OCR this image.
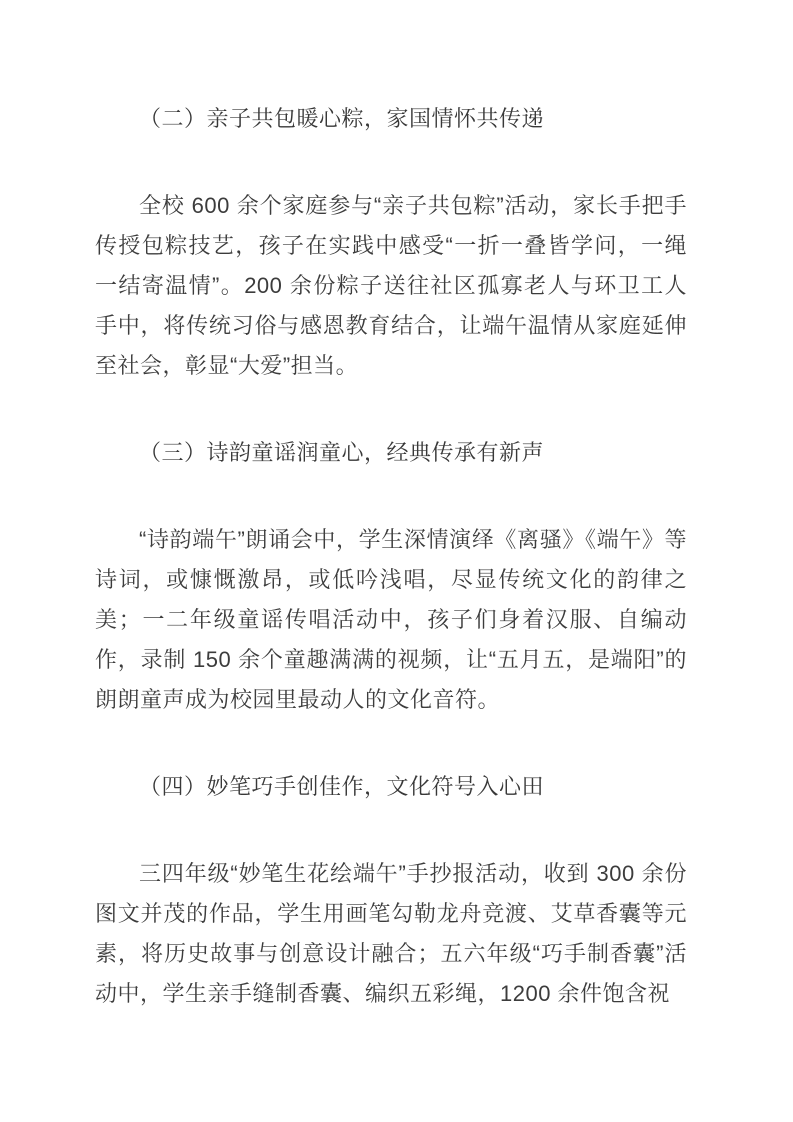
（二）亲子共包暖心粽，家国情怀共传递

全校 600 余个家庭参与“亲子共包粽”活动，家长手把手传授包粽技艺，孩子在实践中感受“一折一叠皆学问，一绳一结寄温情”。200 余份粽子送往社区孤寡老人与环卫工人手中，将传统习俗与感恩教育结合，让端午温情从家庭延伸至社会，彰显“大爱”担当。

（三）诗韵童谣润童心，经典传承有新声

“诗韵端午”朗诵会中，学生深情演绎《离骚》《端午》等诗词，或慷慨激昂，或低吟浅唱，尽显传统文化的韵律之美；一二年级童谣传唱活动中，孩子们身着汉服、自编动作，录制 150 余个童趣满满的视频，让“五月五，是端阳”的朗朗童声成为校园里最动人的文化音符。

（四）妙笔巧手创佳作，文化符号入心田

三四年级“妙笔生花绘端午”手抄报活动，收到 300 余份图文并茂的作品，学生用画笔勾勒龙舟竞渡、艾草香囊等元素，将历史故事与创意设计融合；五六年级“巧手制香囊”活动中，学生亲手缝制香囊、编织五彩绳，1200 余件饱含祝
